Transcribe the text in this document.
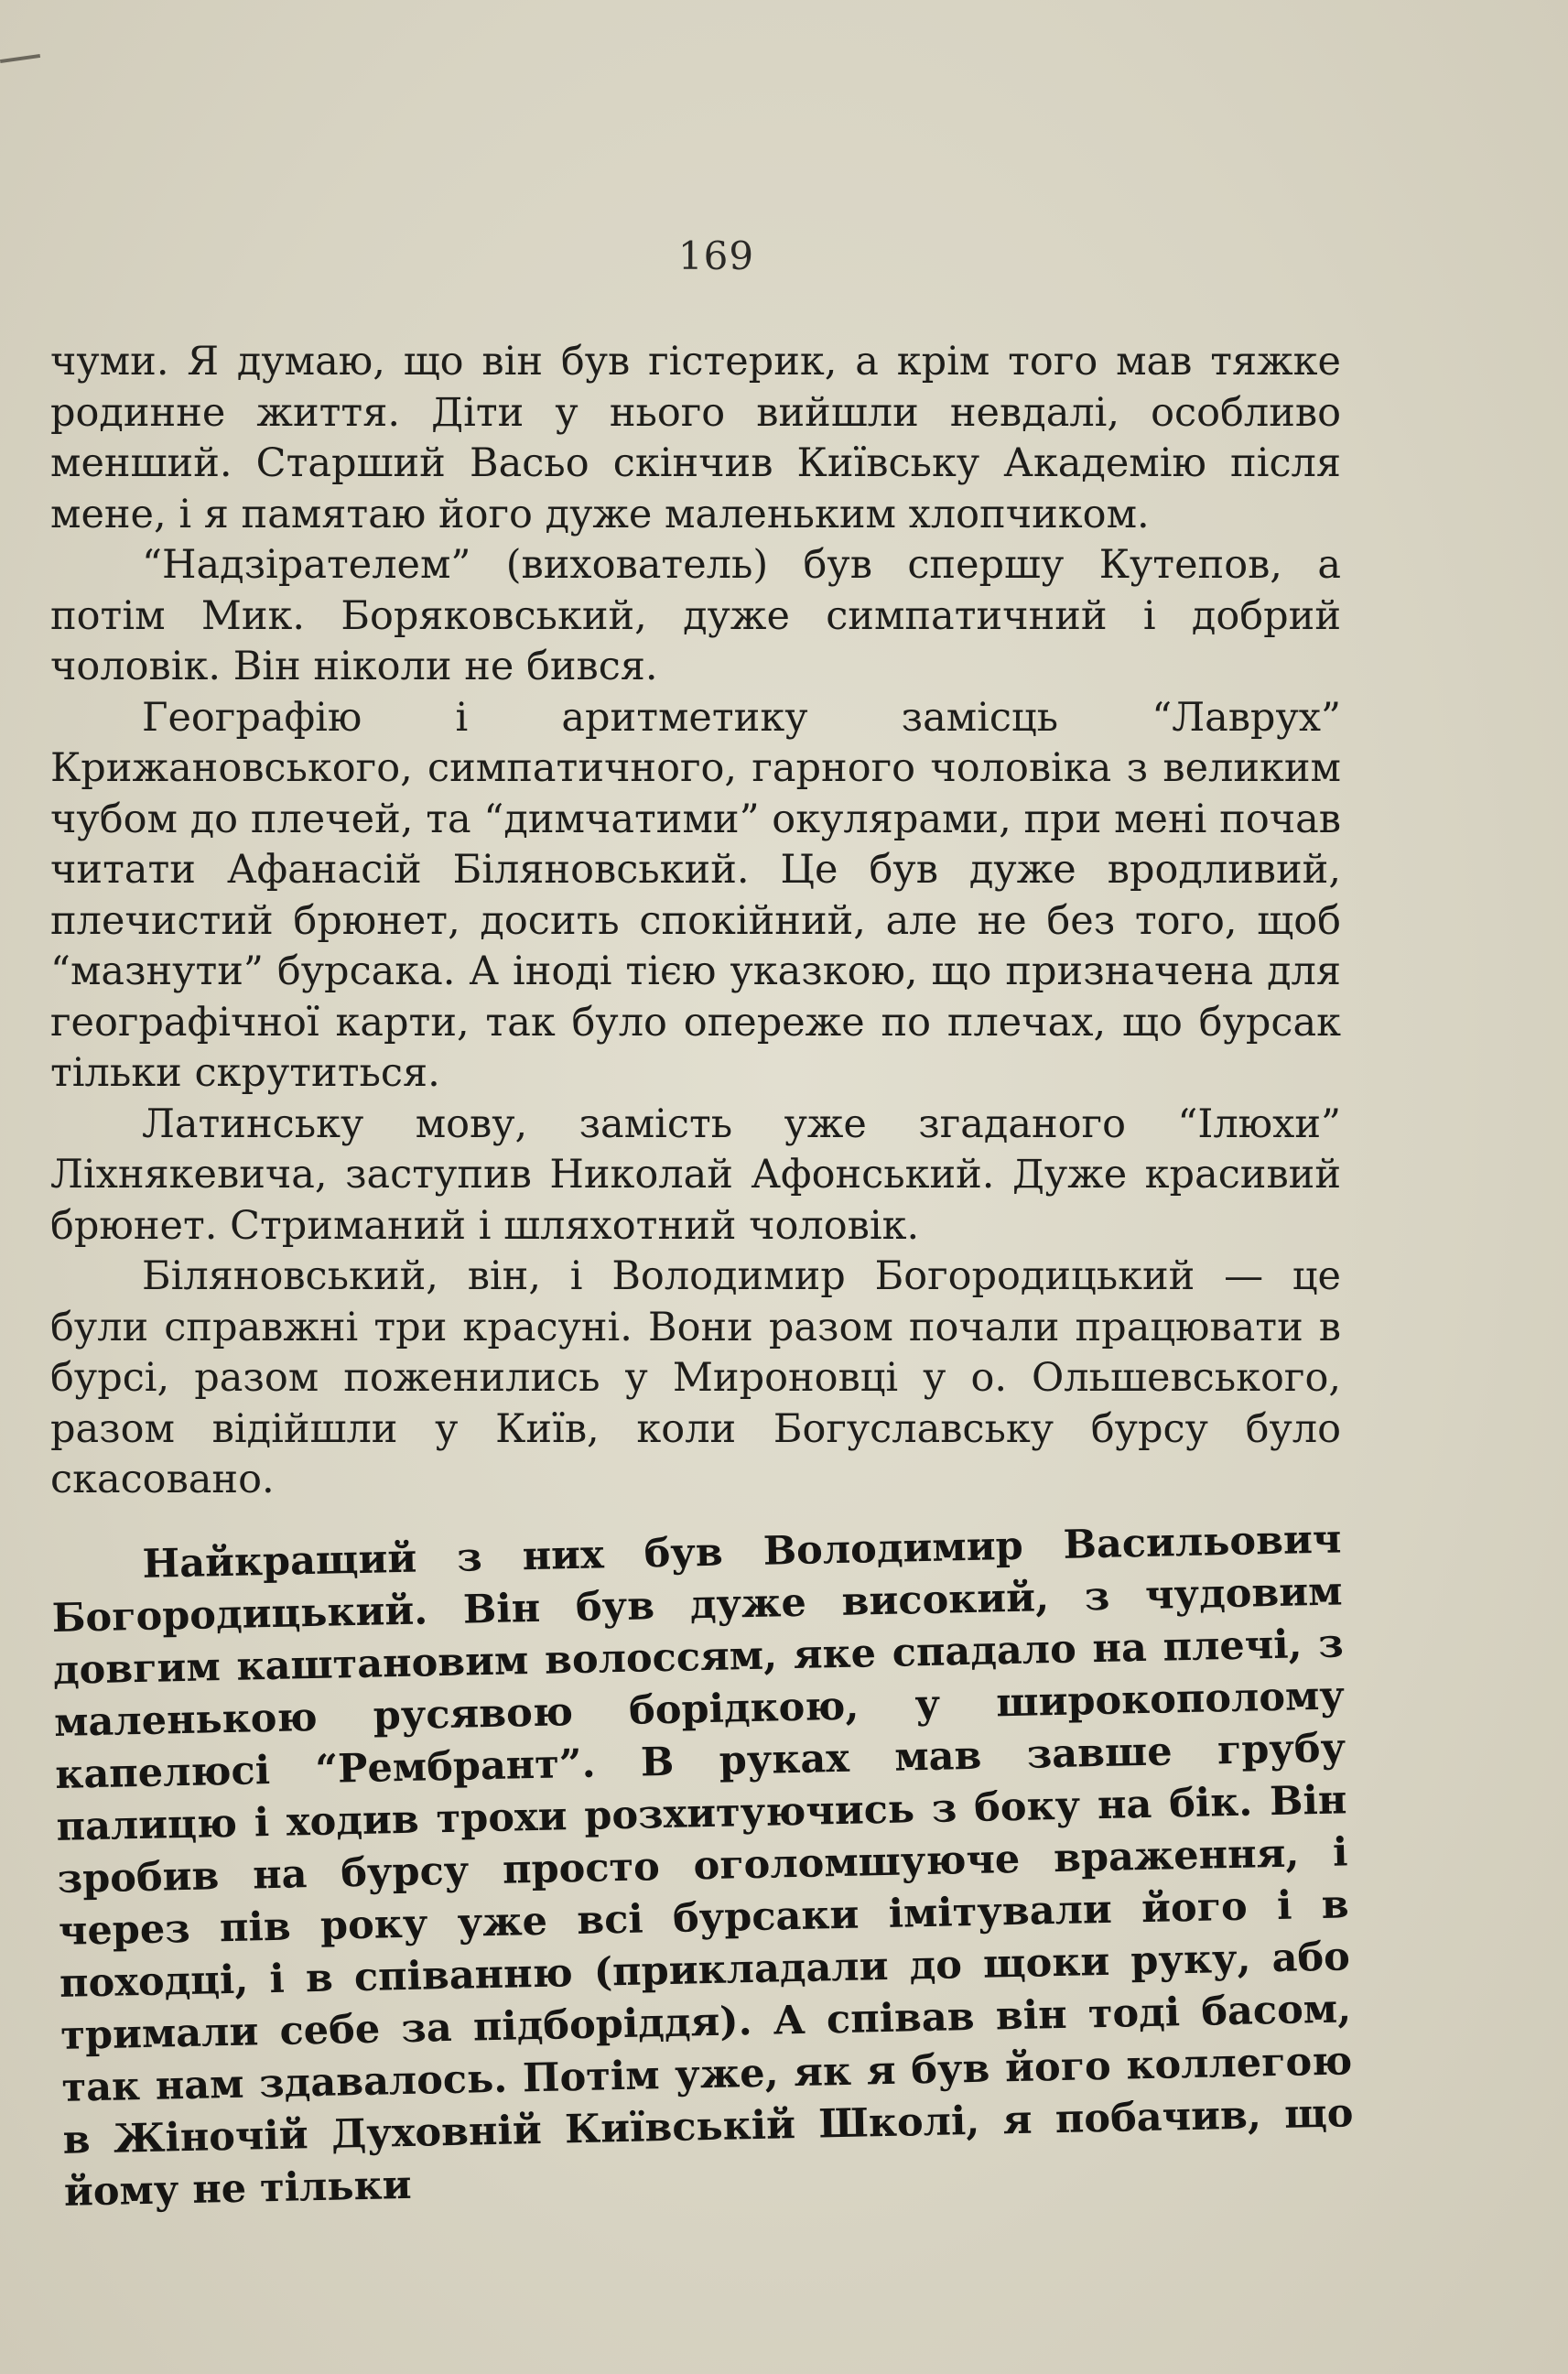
169

чуми. Я думаю, що він був гістерик, а крім того мав тяжке родинне життя. Діти у нього вийшли невдалі, особливо менший. Старший Васьо скінчив Київську Академію після мене, і я памятаю його дуже маленьким хлопчиком.

“Надзірателем” (вихователь) був спершу Кутепов, а потім Мик. Боряковський, дуже симпатичний і добрий чоловік. Він ніколи не бився.

Географію і аритметику замісць “Лаврух” Крижановського, симпатичного, гарного чоловіка з великим чубом до плечей, та “димчатими” окулярами, при мені почав читати Афанасій Біляновський. Це був дуже вродливий, плечистий брюнет, досить спокійний, але не без того, щоб “мазнути” бурсака. А іноді тією указкою, що призначена для географічної карти, так було опереже по плечах, що бурсак тільки скрутиться.

Латинську мову, замість уже згаданого “Ілюхи” Ліхнякевича, заступив Николай Афонський. Дуже красивий брюнет. Стриманий і шляхотний чоловік.

Біляновський, він, і Володимир Богородицький — це були справжні три красуні. Вони разом почали працювати в бурсі, разом поженились у Мироновці у о. Ольшевського, разом відійшли у Київ, коли Богуславську бурсу було скасовано.

Найкращий з них був Володимир Васильович Богородицький. Він був дуже високий, з чудовим довгим каштановим волоссям, яке спадало на плечі, з маленькою русявою борідкою, у широкополому капелюсі “Рембрант”. В руках мав завше грубу палицю і ходив трохи розхитуючись з боку на бік. Він зробив на бурсу просто оголомшуюче враження, і через пів року уже всі бурсаки імітували його і в походці, і в співанню (прикладали до щоки руку, або тримали себе за підборіддя). А співав він тоді басом, так нам здавалось. Потім уже, як я був його коллегою в Жіночій Духовній Київській Школі, я побачив, що йому не тільки
